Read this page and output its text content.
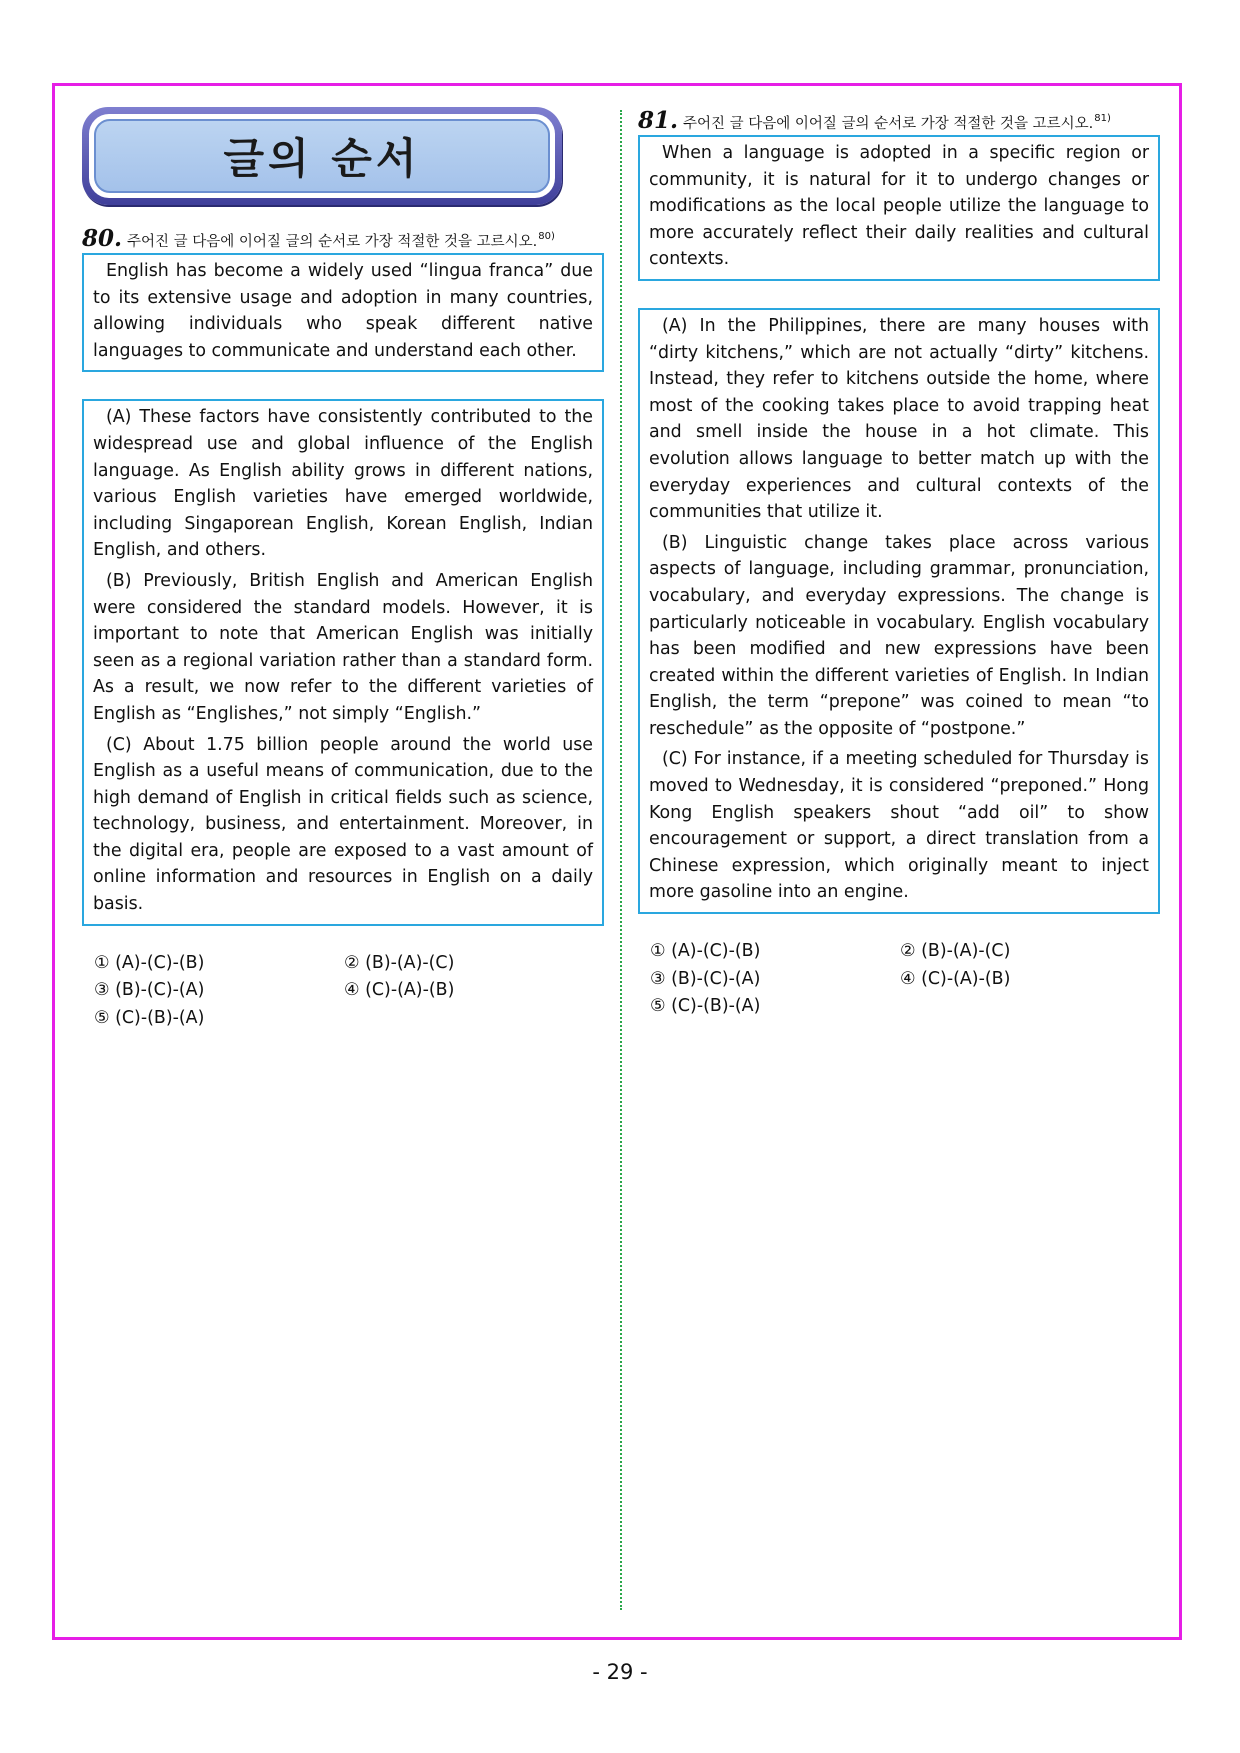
글의 순서
80. 주어진 글 다음에 이어질 글의 순서로 가장 적절한 것을 고르시오. 80)

English has become a widely used “lingua franca” due to its extensive usage and adoption in many countries, allowing individuals who speak different native languages to communicate and understand each other.

(A) These factors have consistently contributed to the widespread use and global influence of the English language. As English ability grows in different nations, various English varieties have emerged worldwide, including Singaporean English, Korean English, Indian English, and others.

(B) Previously, British English and American English were considered the standard models. However, it is important to note that American English was initially seen as a regional variation rather than a standard form. As a result, we now refer to the different varieties of English as “Englishes,” not simply “English.”

(C) About 1.75 billion people around the world use English as a useful means of communication, due to the high demand of English in critical fields such as science, technology, business, and entertainment. Moreover, in the digital era, people are exposed to a vast amount of online information and resources in English on a daily basis.

① (A)-(C)-(B)	② (B)-(A)-(C)
③ (B)-(C)-(A)	④ (C)-(A)-(B)
⑤ (C)-(B)-(A)
81. 주어진 글 다음에 이어질 글의 순서로 가장 적절한 것을 고르시오. 81)

When a language is adopted in a specific region or community, it is natural for it to undergo changes or modifications as the local people utilize the language to more accurately reflect their daily realities and cultural contexts.

(A) In the Philippines, there are many houses with “dirty kitchens,” which are not actually “dirty” kitchens. Instead, they refer to kitchens outside the home, where most of the cooking takes place to avoid trapping heat and smell inside the house in a hot climate. This evolution allows language to better match up with the everyday experiences and cultural contexts of the communities that utilize it.

(B) Linguistic change takes place across various aspects of language, including grammar, pronunciation, vocabulary, and everyday expressions. The change is particularly noticeable in vocabulary. English vocabulary has been modified and new expressions have been created within the different varieties of English. In Indian English, the term “prepone” was coined to mean “to reschedule” as the opposite of “postpone.”

(C) For instance, if a meeting scheduled for Thursday is moved to Wednesday, it is considered “preponed.” Hong Kong English speakers shout “add oil” to show encouragement or support, a direct translation from a Chinese expression, which originally meant to inject more gasoline into an engine.

① (A)-(C)-(B)	② (B)-(A)-(C)
③ (B)-(C)-(A)	④ (C)-(A)-(B)
⑤ (C)-(B)-(A)
- 29 -
